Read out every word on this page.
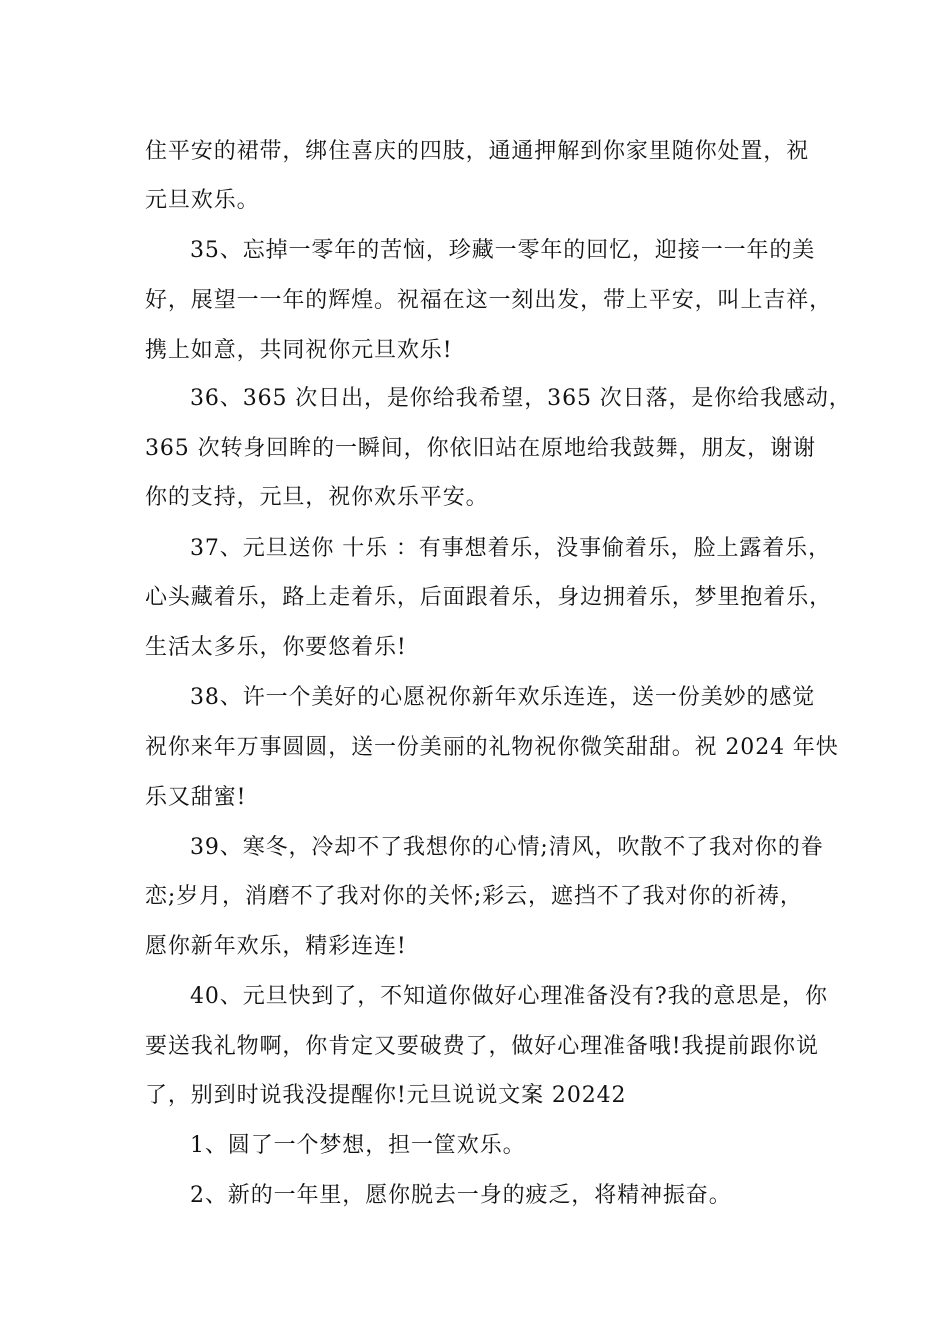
住平安的裙带，绑住喜庆的四肢，通通押解到你家里随你处置，祝
元旦欢乐。
35、忘掉一零年的苦恼，珍藏一零年的回忆，迎接一一年的美
好，展望一一年的辉煌。祝福在这一刻出发，带上平安，叫上吉祥，
携上如意，共同祝你元旦欢乐!
36、365 次日出，是你给我希望，365 次日落，是你给我感动，
365 次转身回眸的一瞬间，你依旧站在原地给我鼓舞，朋友，谢谢
你的支持，元旦，祝你欢乐平安。
37、元旦送你 十乐 ：有事想着乐，没事偷着乐，脸上露着乐，
心头藏着乐，路上走着乐，后面跟着乐，身边拥着乐，梦里抱着乐，
生活太多乐，你要悠着乐!
38、许一个美好的心愿祝你新年欢乐连连，送一份美妙的感觉
祝你来年万事圆圆，送一份美丽的礼物祝你微笑甜甜。祝 2024 年快
乐又甜蜜!
39、寒冬，冷却不了我想你的心情;清风，吹散不了我对你的眷
恋;岁月，消磨不了我对你的关怀;彩云，遮挡不了我对你的祈祷，
愿你新年欢乐，精彩连连!
40、元旦快到了，不知道你做好心理准备没有?我的意思是，你
要送我礼物啊，你肯定又要破费了，做好心理准备哦!我提前跟你说
了，别到时说我没提醒你!元旦说说文案 20242
1、圆了一个梦想，担一筐欢乐。
2、新的一年里，愿你脱去一身的疲乏，将精神振奋。
